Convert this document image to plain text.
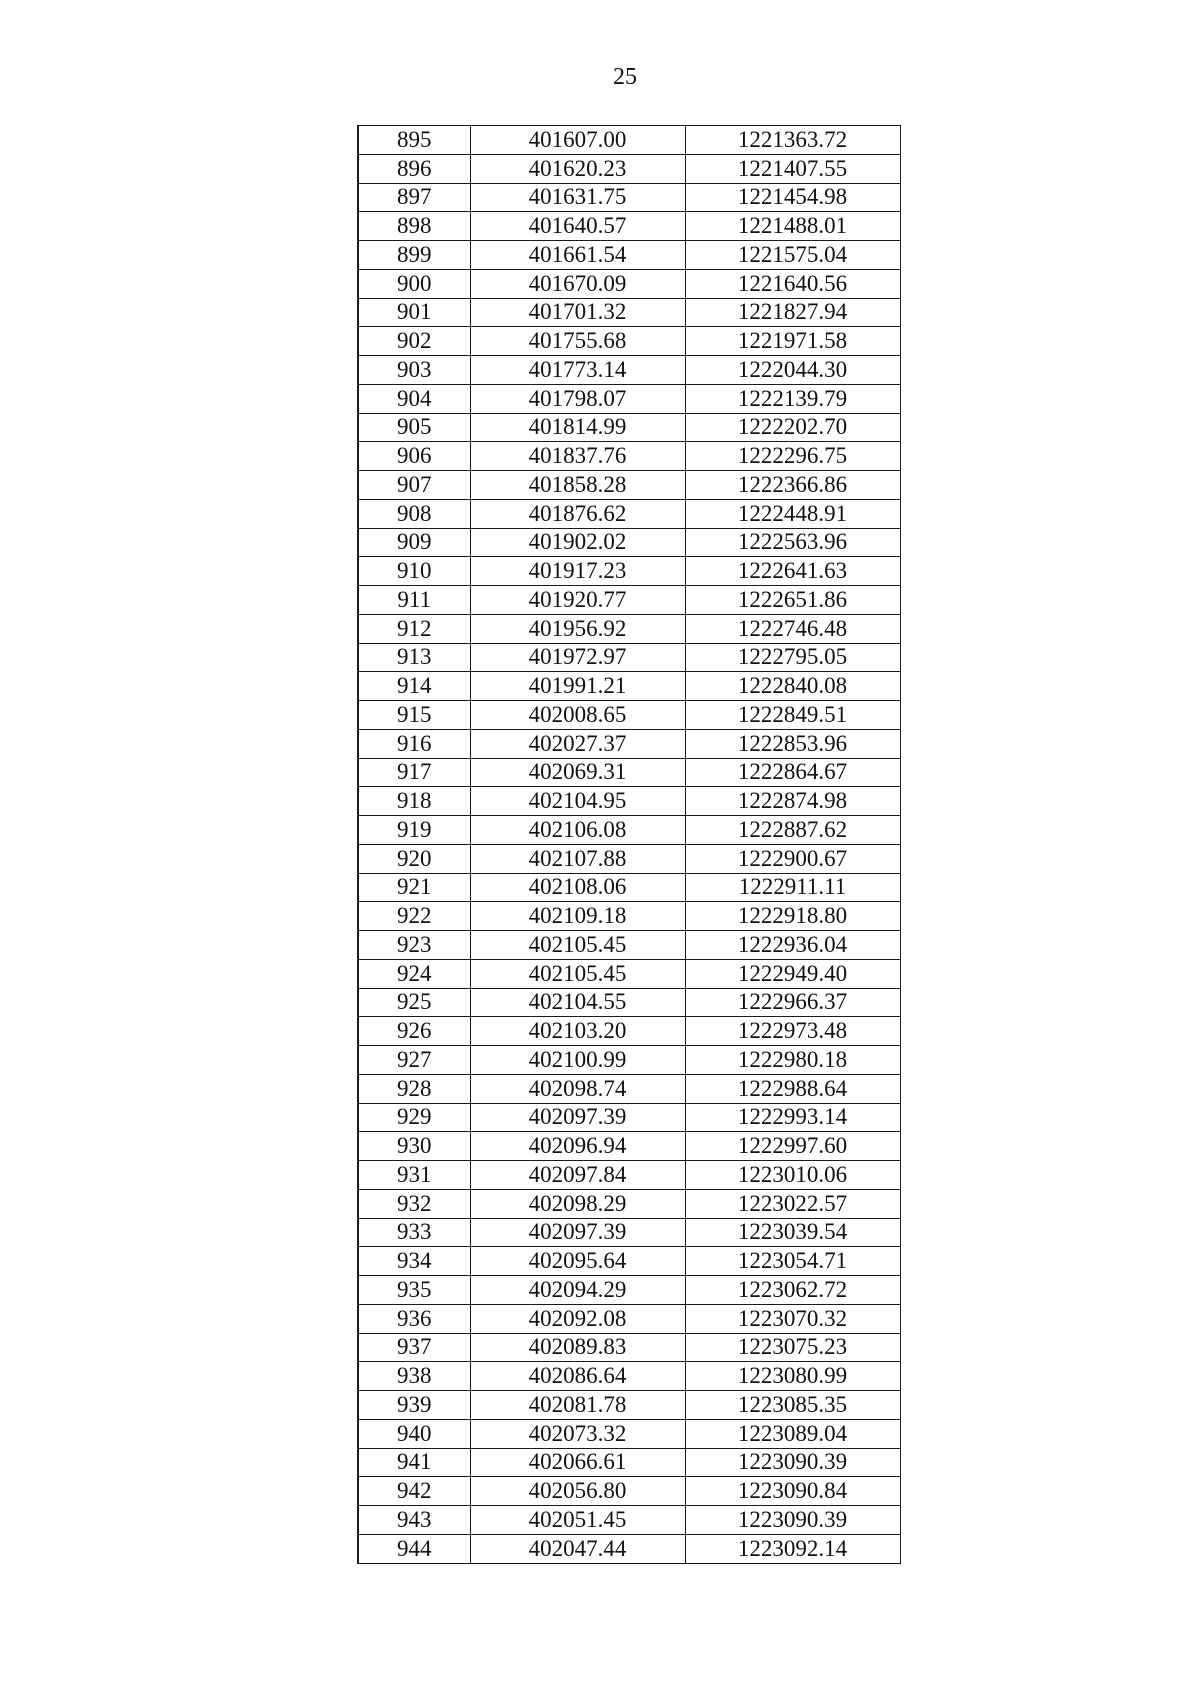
25
895	401607.00	1221363.72
896	401620.23	1221407.55
897	401631.75	1221454.98
898	401640.57	1221488.01
899	401661.54	1221575.04
900	401670.09	1221640.56
901	401701.32	1221827.94
902	401755.68	1221971.58
903	401773.14	1222044.30
904	401798.07	1222139.79
905	401814.99	1222202.70
906	401837.76	1222296.75
907	401858.28	1222366.86
908	401876.62	1222448.91
909	401902.02	1222563.96
910	401917.23	1222641.63
911	401920.77	1222651.86
912	401956.92	1222746.48
913	401972.97	1222795.05
914	401991.21	1222840.08
915	402008.65	1222849.51
916	402027.37	1222853.96
917	402069.31	1222864.67
918	402104.95	1222874.98
919	402106.08	1222887.62
920	402107.88	1222900.67
921	402108.06	1222911.11
922	402109.18	1222918.80
923	402105.45	1222936.04
924	402105.45	1222949.40
925	402104.55	1222966.37
926	402103.20	1222973.48
927	402100.99	1222980.18
928	402098.74	1222988.64
929	402097.39	1222993.14
930	402096.94	1222997.60
931	402097.84	1223010.06
932	402098.29	1223022.57
933	402097.39	1223039.54
934	402095.64	1223054.71
935	402094.29	1223062.72
936	402092.08	1223070.32
937	402089.83	1223075.23
938	402086.64	1223080.99
939	402081.78	1223085.35
940	402073.32	1223089.04
941	402066.61	1223090.39
942	402056.80	1223090.84
943	402051.45	1223090.39
944	402047.44	1223092.14
